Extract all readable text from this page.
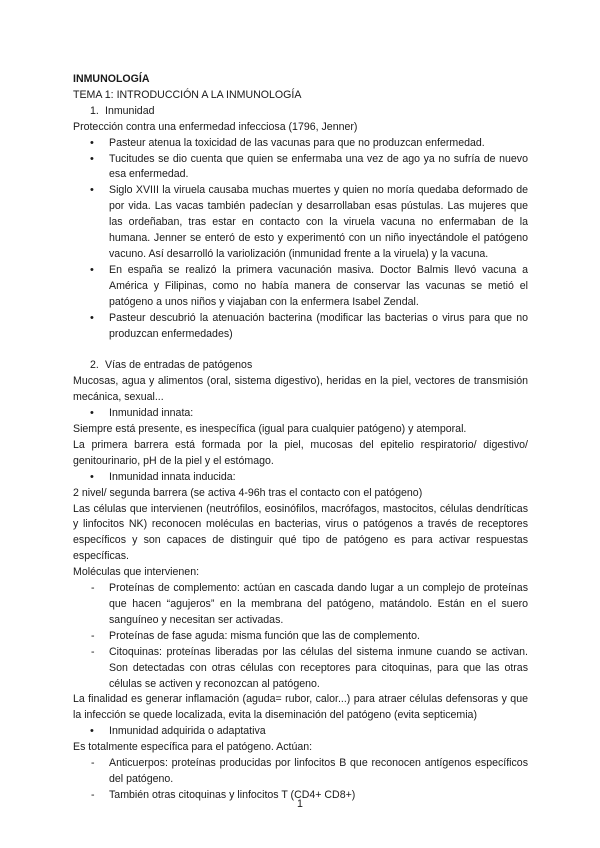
INMUNOLOGÍA

TEMA 1: INTRODUCCIÓN A LA INMUNOLOGÍA

1. Inmunidad

Protección contra una enfermedad infecciosa (1796, Jenner)

• Pasteur atenua la toxicidad de las vacunas para que no produzcan enfermedad.
• Tucitudes se dio cuenta que quien se enfermaba una vez de ago ya no sufría de nuevo esa enfermedad.
• Siglo XVIII la viruela causaba muchas muertes y quien no moría quedaba deformado de por vida. Las vacas también padecían y desarrollaban esas pústulas. Las mujeres que las ordeñaban, tras estar en contacto con la viruela vacuna no enfermaban de la humana. Jenner se enteró de esto y experimentó con un niño inyectándole el patógeno vacuno. Así desarrolló la variolización (inmunidad frente a la viruela) y la vacuna.
• En españa se realizó la primera vacunación masiva. Doctor Balmis llevó vacuna a América y Filipinas, como no había manera de conservar las vacunas se metió el patógeno a unos niños y viajaban con la enfermera Isabel Zendal.
• Pasteur descubrió la atenuación bacterina (modificar las bacterias o virus para que no produzcan enfermedades)

2. Vías de entradas de patógenos

Mucosas, agua y alimentos (oral, sistema digestivo), heridas en la piel, vectores de transmisión mecánica, sexual...

• Inmunidad innata:

Siempre está presente, es inespecífica (igual para cualquier patógeno) y atemporal.

La primera barrera está formada por la piel, mucosas del epitelio respiratorio/ digestivo/ genitourinario, pH de la piel y el estómago.

• Inmunidad innata inducida:

2 nivel/ segunda barrera (se activa 4-96h tras el contacto con el patógeno)

Las células que intervienen (neutrófilos, eosinófilos, macrófagos, mastocitos, células dendríticas y linfocitos NK) reconocen moléculas en bacterias, virus o patógenos a través de receptores específicos y son capaces de distinguir qué tipo de patógeno es para activar respuestas específicas.

Moléculas que intervienen:

- Proteínas de complemento: actúan en cascada dando lugar a un complejo de proteínas que hacen “agujeros” en la membrana del patógeno, matándolo. Están en el suero sanguíneo y necesitan ser activadas.
- Proteínas de fase aguda: misma función que las de complemento.
- Citoquinas: proteínas liberadas por las células del sistema inmune cuando se activan. Son detectadas con otras células con receptores para citoquinas, para que las otras células se activen y reconozcan al patógeno.

La finalidad es generar inflamación (aguda= rubor, calor...) para atraer células defensoras y que la infección se quede localizada, evita la diseminación del patógeno (evita septicemia)

• Inmunidad adquirida o adaptativa

Es totalmente específica para el patógeno. Actúan:

- Anticuerpos: proteínas producidas por linfocitos B que reconocen antígenos específicos del patógeno.
- También otras citoquinas y linfocitos T (CD4+ CD8+)
1
